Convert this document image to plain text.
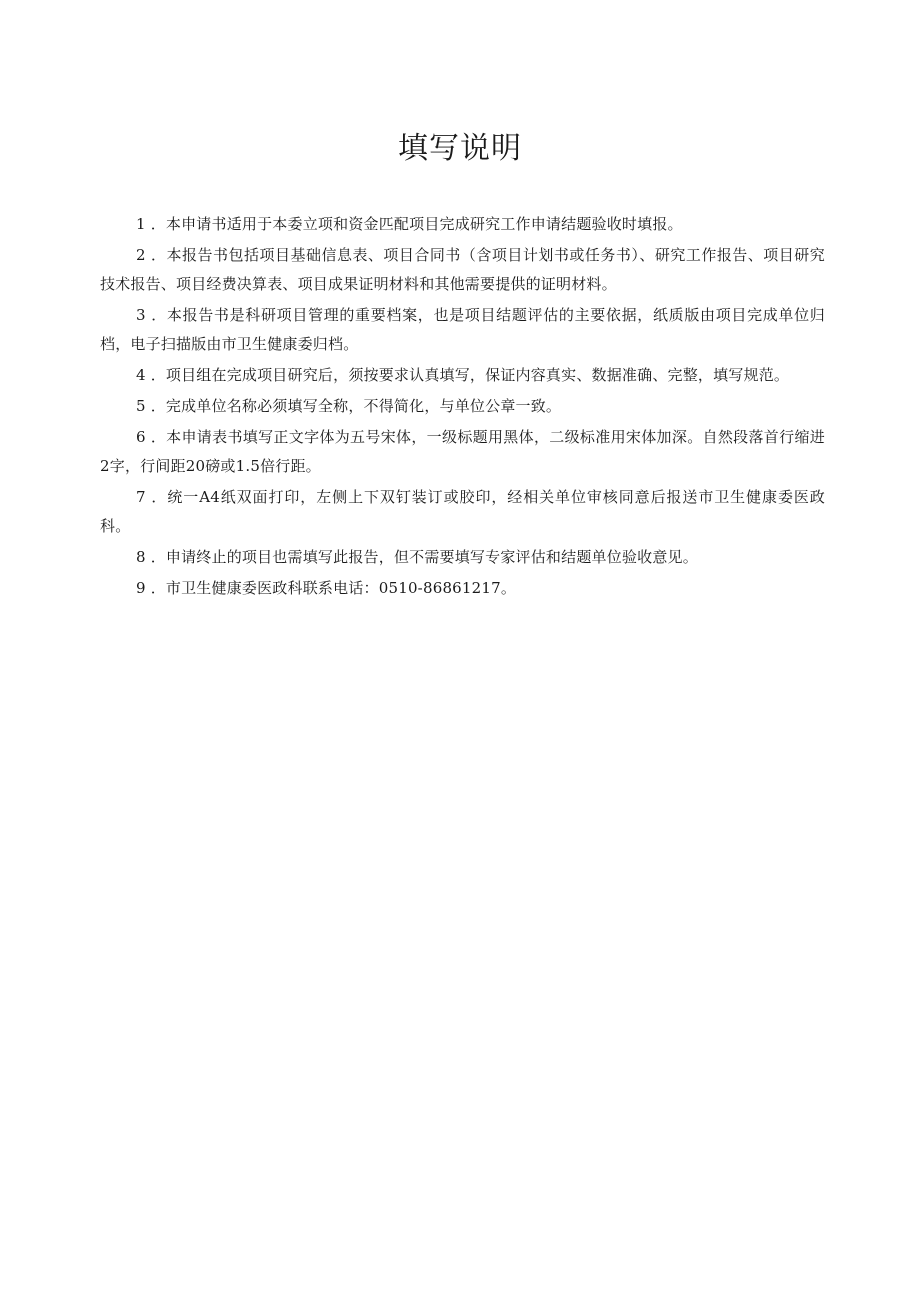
填写说明

1 ．本申请书适用于本委立项和资金匹配项目完成研究工作申请结题验收时填报。

2 ．本报告书包括项目基础信息表、项目合同书（含项目计划书或任务书）、研究工作报告、项目研究技术报告、项目经费决算表、项目成果证明材料和其他需要提供的证明材料。

3 ．本报告书是科研项目管理的重要档案，也是项目结题评估的主要依据，纸质版由项目完成单位归档，电子扫描版由市卫生健康委归档。

4 ．项目组在完成项目研究后，须按要求认真填写，保证内容真实、数据准确、完整，填写规范。

5 ．完成单位名称必须填写全称，不得简化，与单位公章一致。

6 ．本申请表书填写正文字体为五号宋体，一级标题用黑体，二级标准用宋体加深。自然段落首行缩进2字，行间距20磅或1.5倍行距。

7 ．统一A4纸双面打印，左侧上下双钉装订或胶印，经相关单位审核同意后报送市卫生健康委医政科。

8 ．申请终止的项目也需填写此报告，但不需要填写专家评估和结题单位验收意见。

9 ．市卫生健康委医政科联系电话：0510-86861217。
